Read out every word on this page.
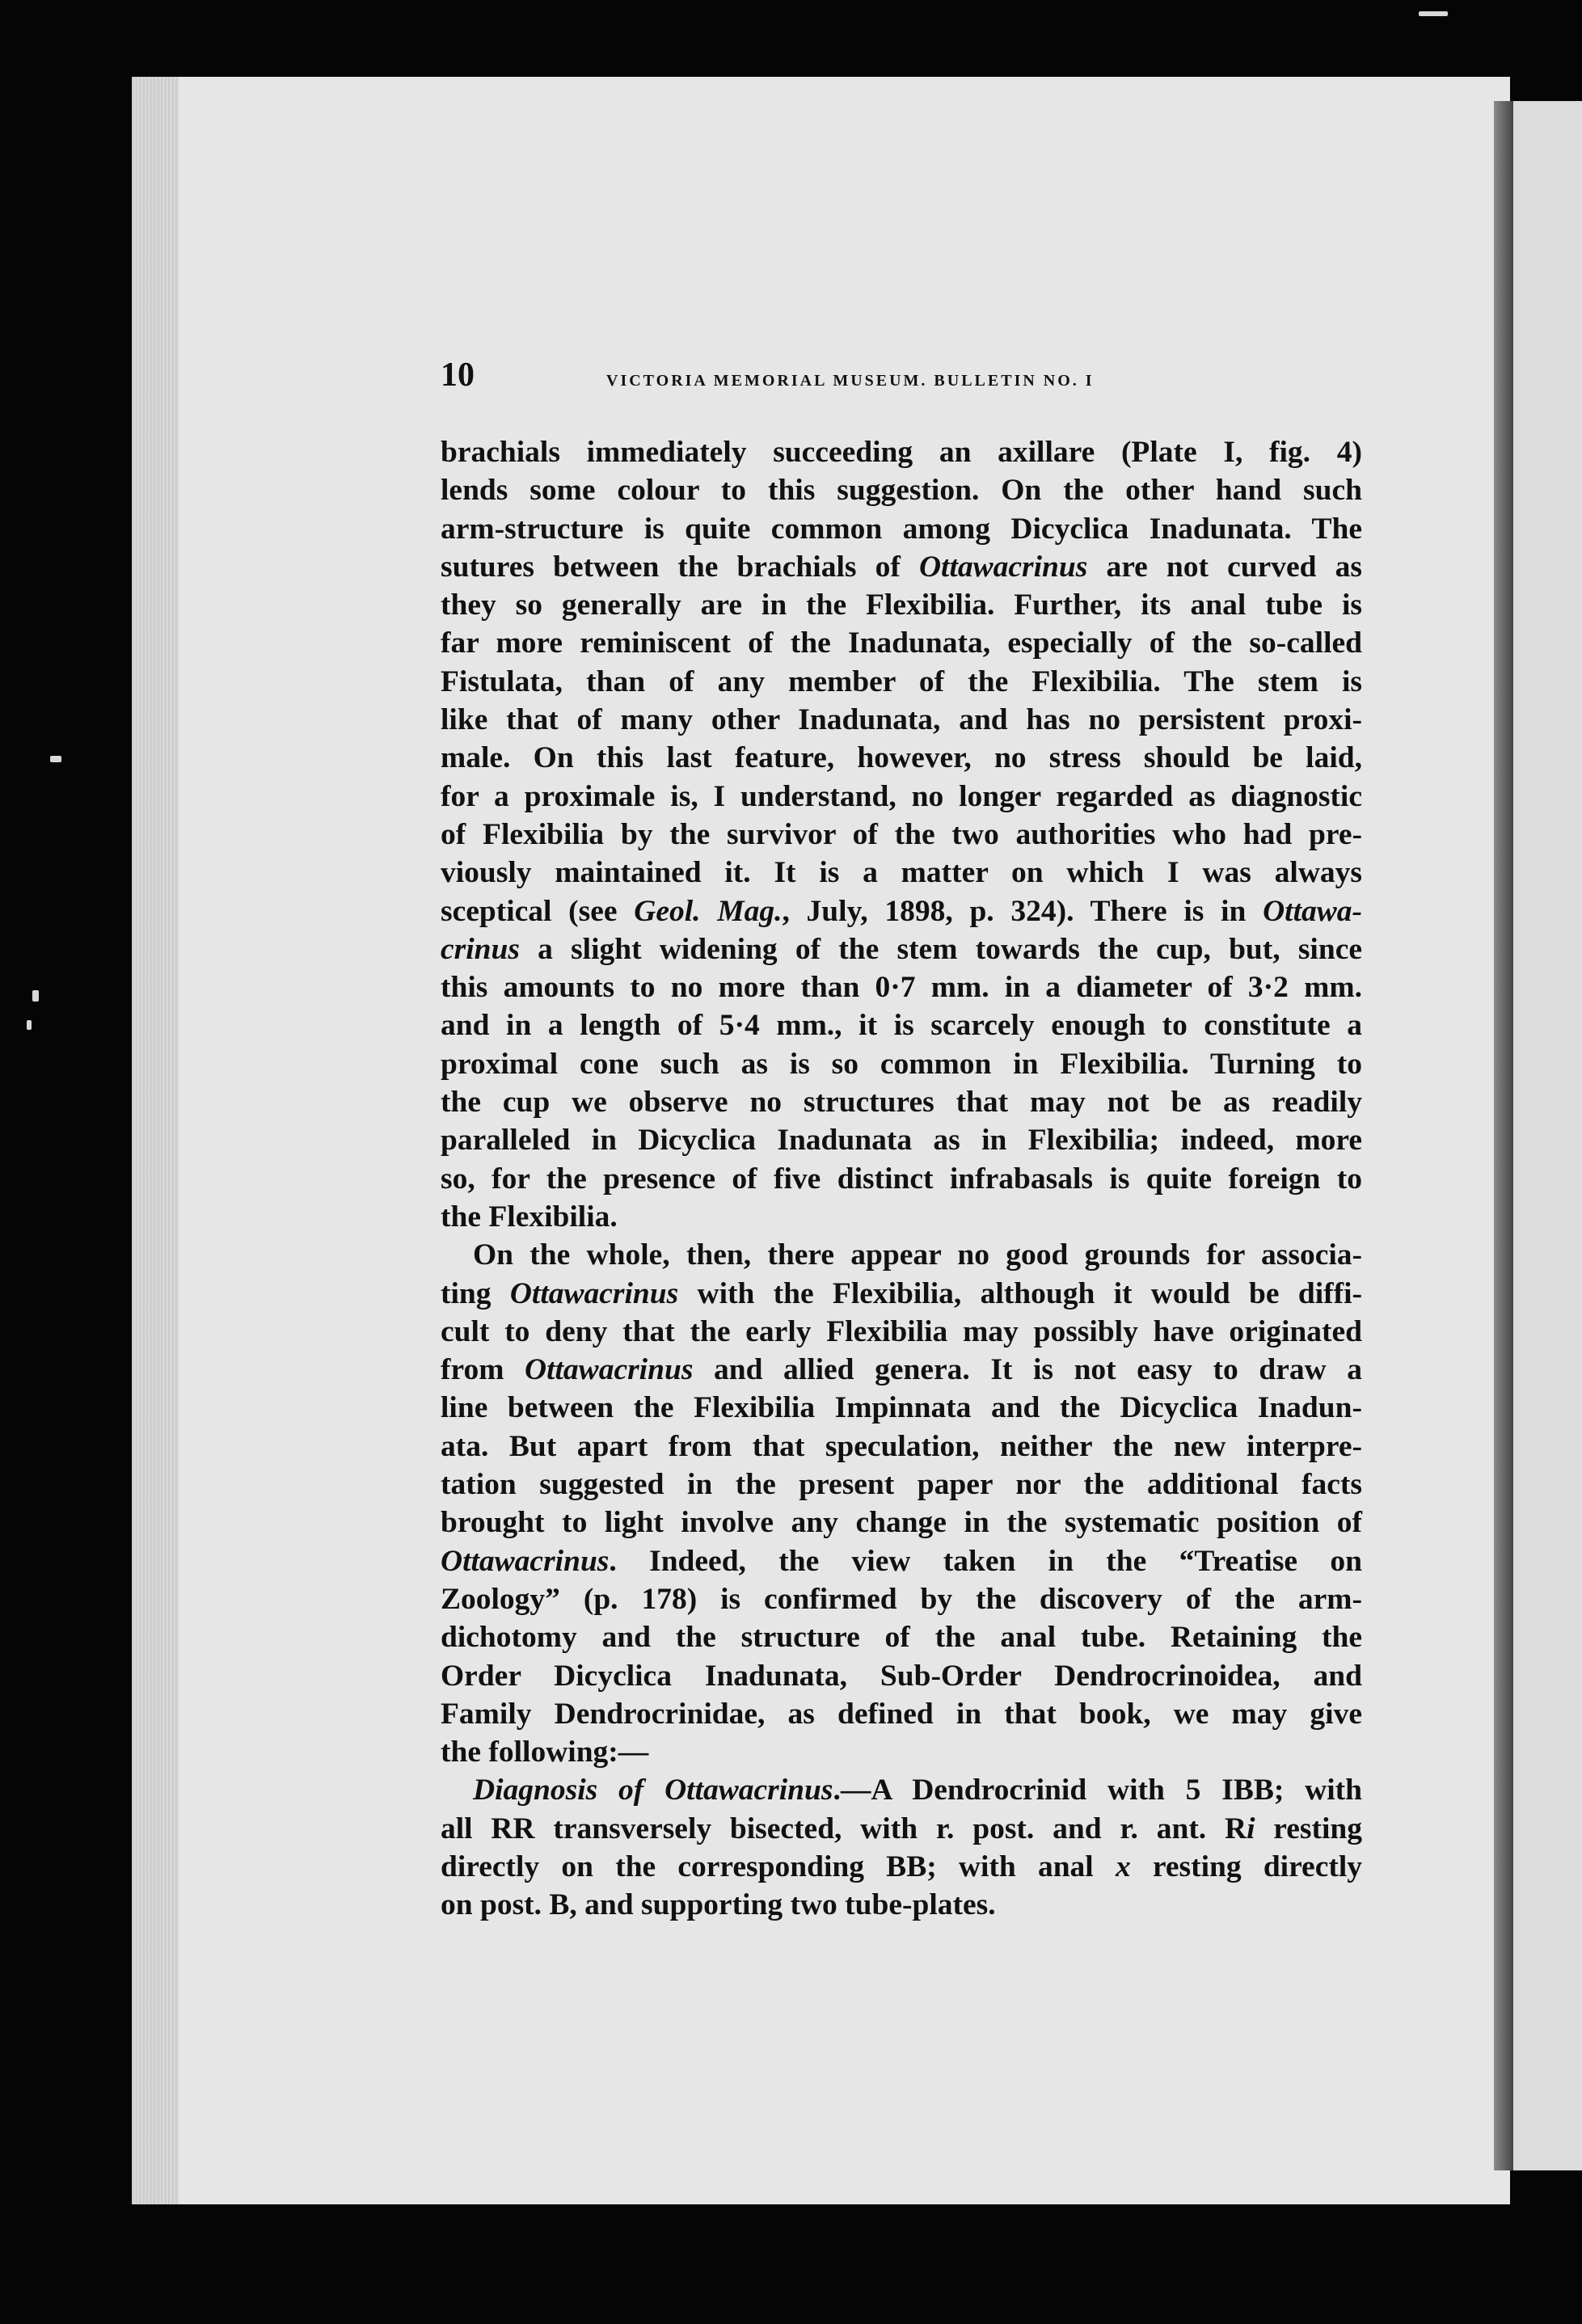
10	VICTORIA MEMORIAL MUSEUM. BULLETIN NO. I
brachials immediately succeeding an axillare (Plate I, fig. 4)
lends some colour to this suggestion. On the other hand such
arm-structure is quite common among Dicyclica Inadunata. The
sutures between the brachials of Ottawacrinus are not curved as
they so generally are in the Flexibilia. Further, its anal tube is
far more reminiscent of the Inadunata, especially of the so-called
Fistulata, than of any member of the Flexibilia. The stem is
like that of many other Inadunata, and has no persistent proxi-
male. On this last feature, however, no stress should be laid,
for a proximale is, I understand, no longer regarded as diagnostic
of Flexibilia by the survivor of the two authorities who had pre-
viously maintained it. It is a matter on which I was always
sceptical (see Geol. Mag., July, 1898, p. 324). There is in Ottawa-
crinus a slight widening of the stem towards the cup, but, since
this amounts to no more than 0·7 mm. in a diameter of 3·2 mm.
and in a length of 5·4 mm., it is scarcely enough to constitute a
proximal cone such as is so common in Flexibilia. Turning to
the cup we observe no structures that may not be as readily
paralleled in Dicyclica Inadunata as in Flexibilia; indeed, more
so, for the presence of five distinct infrabasals is quite foreign to
the Flexibilia.
On the whole, then, there appear no good grounds for associa-
ting Ottawacrinus with the Flexibilia, although it would be diffi-
cult to deny that the early Flexibilia may possibly have originated
from Ottawacrinus and allied genera. It is not easy to draw a
line between the Flexibilia Impinnata and the Dicyclica Inadun-
ata. But apart from that speculation, neither the new interpre-
tation suggested in the present paper nor the additional facts
brought to light involve any change in the systematic position of
Ottawacrinus. Indeed, the view taken in the “Treatise on
Zoology” (p. 178) is confirmed by the discovery of the arm-
dichotomy and the structure of the anal tube. Retaining the
Order Dicyclica Inadunata, Sub-Order Dendrocrinoidea, and
Family Dendrocrinidae, as defined in that book, we may give
the following:—
Diagnosis of Ottawacrinus.—A Dendrocrinid with 5 IBB; with
all RR transversely bisected, with r. post. and r. ant. Ri resting
directly on the corresponding BB; with anal x resting directly
on post. B, and supporting two tube-plates.
